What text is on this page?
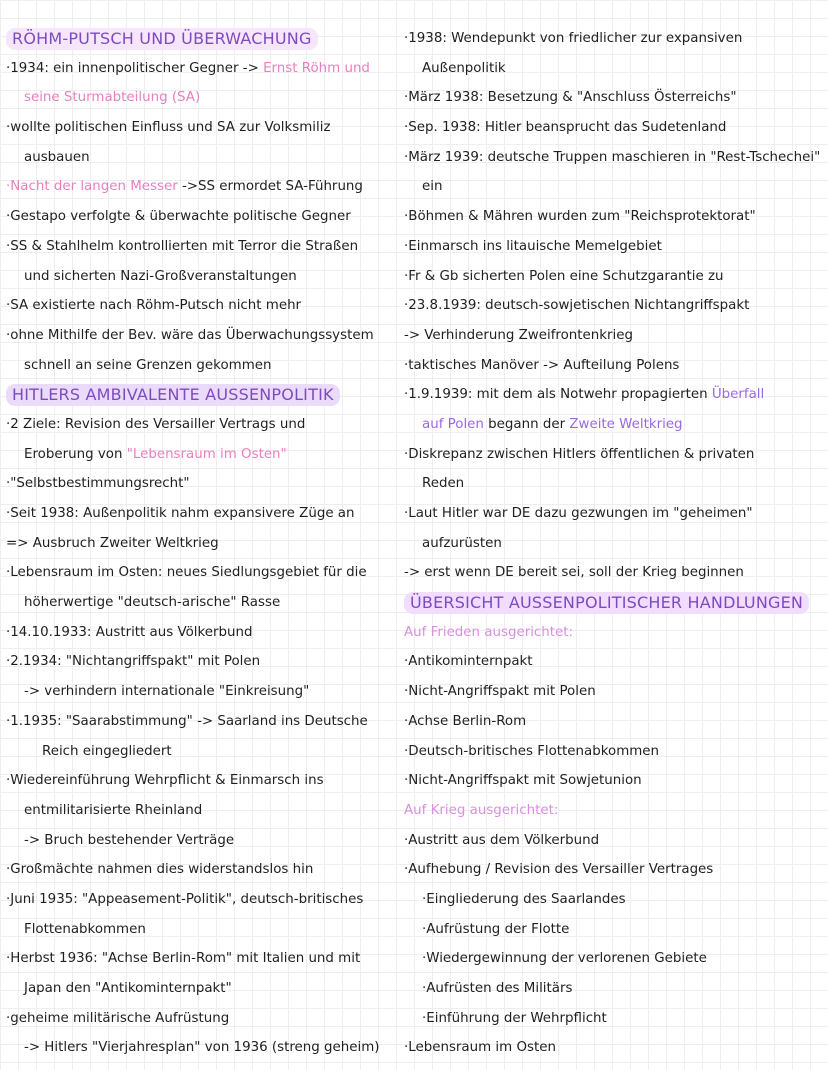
RÖHM-PUTSCH UND ÜBERWACHUNG
·1934: ein innenpolitischer Gegner -> Ernst Röhm und
seine Sturmabteilung (SA)
·wollte politischen Einfluss und SA zur Volksmiliz
ausbauen
·Nacht der langen Messer ->SS ermordet SA-Führung
·Gestapo verfolgte & überwachte politische Gegner
·SS & Stahlhelm kontrollierten mit Terror die Straßen
und sicherten Nazi-Großveranstaltungen
·SA existierte nach Röhm-Putsch nicht mehr
·ohne Mithilfe der Bev. wäre das Überwachungssystem
schnell an seine Grenzen gekommen
HITLERS AMBIVALENTE AUSSENPOLITIK
·2 Ziele: Revision des Versailler Vertrags und
Eroberung von "Lebensraum im Osten"
·"Selbstbestimmungsrecht"
·Seit 1938: Außenpolitik nahm expansivere Züge an
=> Ausbruch Zweiter Weltkrieg
·Lebensraum im Osten: neues Siedlungsgebiet für die
höherwertige "deutsch-arische" Rasse
·14.10.1933: Austritt aus Völkerbund
·2.1934: "Nichtangriffspakt" mit Polen
-> verhindern internationale "Einkreisung"
·1.1935: "Saarabstimmung" -> Saarland ins Deutsche
Reich eingegliedert
·Wiedereinführung Wehrpflicht & Einmarsch ins
entmilitarisierte Rheinland
-> Bruch bestehender Verträge
·Großmächte nahmen dies widerstandslos hin
·Juni 1935: "Appeasement-Politik", deutsch-britisches
Flottenabkommen
·Herbst 1936: "Achse Berlin-Rom" mit Italien und mit
Japan den "Antikominternpakt"
·geheime militärische Aufrüstung
-> Hitlers "Vierjahresplan" von 1936 (streng geheim)
·1938: Wendepunkt von friedlicher zur expansiven
Außenpolitik
·März 1938: Besetzung & "Anschluss Österreichs"
·Sep. 1938: Hitler beansprucht das Sudetenland
·März 1939: deutsche Truppen maschieren in "Rest-Tschechei"
ein
·Böhmen & Mähren wurden zum "Reichsprotektorat"
·Einmarsch ins litauische Memelgebiet
·Fr & Gb sicherten Polen eine Schutzgarantie zu
·23.8.1939: deutsch-sowjetischen Nichtangriffspakt
-> Verhinderung Zweifrontenkrieg
·taktisches Manöver -> Aufteilung Polens
·1.9.1939: mit dem als Notwehr propagierten Überfall
auf Polen begann der Zweite Weltkrieg
·Diskrepanz zwischen Hitlers öffentlichen & privaten
Reden
·Laut Hitler war DE dazu gezwungen im "geheimen"
aufzurüsten
-> erst wenn DE bereit sei, soll der Krieg beginnen
ÜBERSICHT AUSSENPOLITISCHER HANDLUNGEN
Auf Frieden ausgerichtet:
·Antikominternpakt
·Nicht-Angriffspakt mit Polen
·Achse Berlin-Rom
·Deutsch-britisches Flottenabkommen
·Nicht-Angriffspakt mit Sowjetunion
Auf Krieg ausgerichtet:
·Austritt aus dem Völkerbund
·Aufhebung / Revision des Versailler Vertrages
·Eingliederung des Saarlandes
·Aufrüstung der Flotte
·Wiedergewinnung der verlorenen Gebiete
·Aufrüsten des Militärs
·Einführung der Wehrpflicht
·Lebensraum im Osten
